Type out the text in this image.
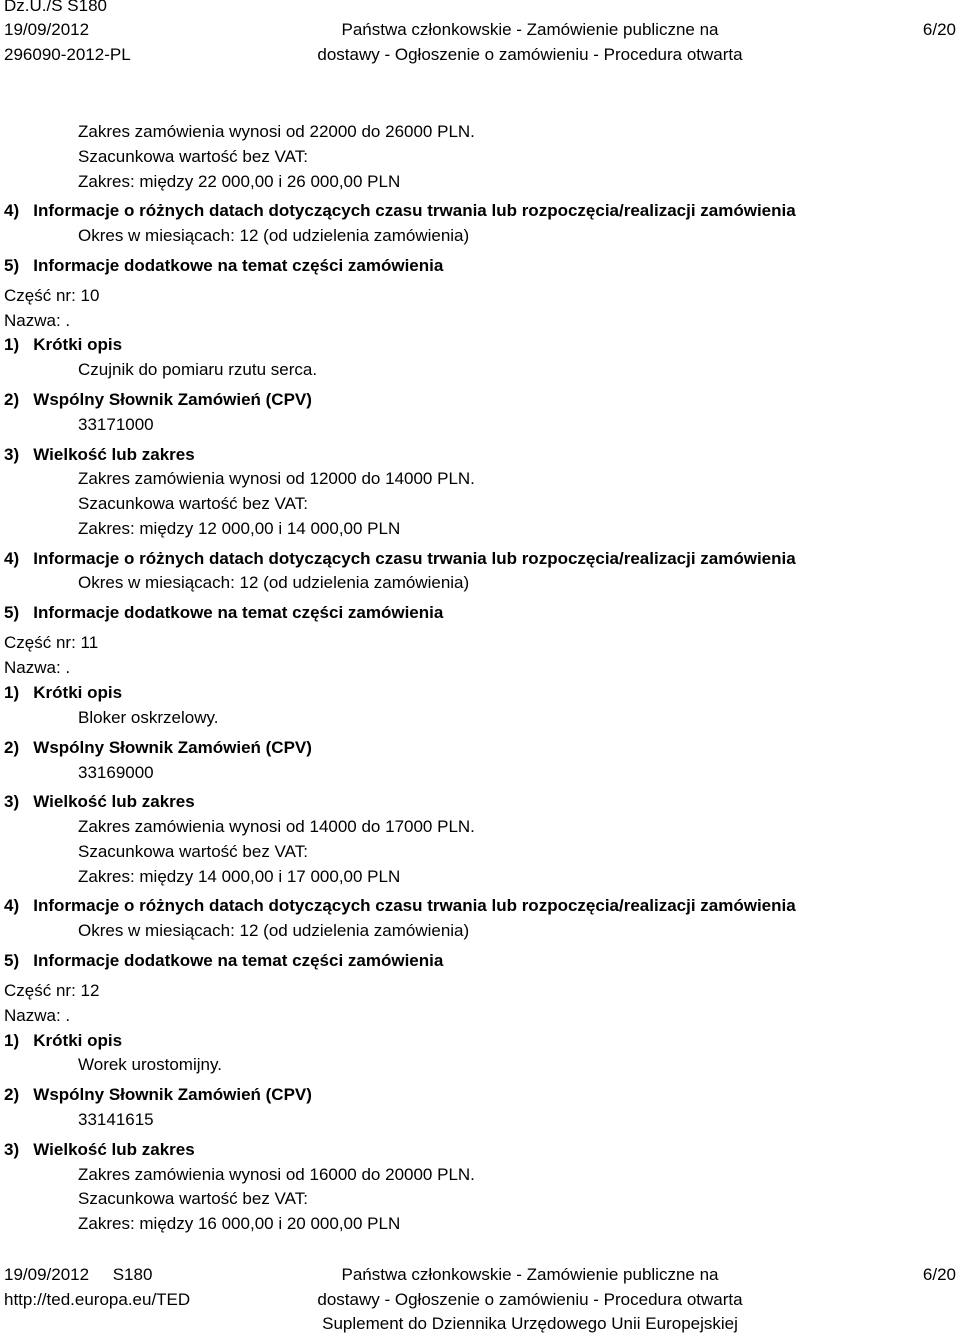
Dz.U./S S180
19/09/2012
296090-2012-PL
Państwa członkowskie - Zamówienie publiczne na
dostawy - Ogłoszenie o zamówieniu - Procedura otwarta
6/20
Zakres zamówienia wynosi od 22000 do 26000 PLN.
Szacunkowa wartość bez VAT:
Zakres: między 22 000,00 i 26 000,00 PLN
4)   Informacje o różnych datach dotyczących czasu trwania lub rozpoczęcia/realizacji zamówienia
Okres w miesiącach: 12 (od udzielenia zamówienia)
5)   Informacje dodatkowe na temat części zamówienia
Część nr: 10
Nazwa: .
1)   Krótki opis
Czujnik do pomiaru rzutu serca.
2)   Wspólny Słownik Zamówień (CPV)
33171000
3)   Wielkość lub zakres
Zakres zamówienia wynosi od 12000 do 14000 PLN.
Szacunkowa wartość bez VAT:
Zakres: między 12 000,00 i 14 000,00 PLN
4)   Informacje o różnych datach dotyczących czasu trwania lub rozpoczęcia/realizacji zamówienia
Okres w miesiącach: 12 (od udzielenia zamówienia)
5)   Informacje dodatkowe na temat części zamówienia
Część nr: 11
Nazwa: .
1)   Krótki opis
Bloker oskrzelowy.
2)   Wspólny Słownik Zamówień (CPV)
33169000
3)   Wielkość lub zakres
Zakres zamówienia wynosi od 14000 do 17000 PLN.
Szacunkowa wartość bez VAT:
Zakres: między 14 000,00 i 17 000,00 PLN
4)   Informacje o różnych datach dotyczących czasu trwania lub rozpoczęcia/realizacji zamówienia
Okres w miesiącach: 12 (od udzielenia zamówienia)
5)   Informacje dodatkowe na temat części zamówienia
Część nr: 12
Nazwa: .
1)   Krótki opis
Worek urostomijny.
2)   Wspólny Słownik Zamówień (CPV)
33141615
3)   Wielkość lub zakres
Zakres zamówienia wynosi od 16000 do 20000 PLN.
Szacunkowa wartość bez VAT:
Zakres: między 16 000,00 i 20 000,00 PLN
19/09/2012     S180
http://ted.europa.eu/TED
Państwa członkowskie - Zamówienie publiczne na
dostawy - Ogłoszenie o zamówieniu - Procedura otwarta
Suplement do Dziennika Urzędowego Unii Europejskiej
6/20
